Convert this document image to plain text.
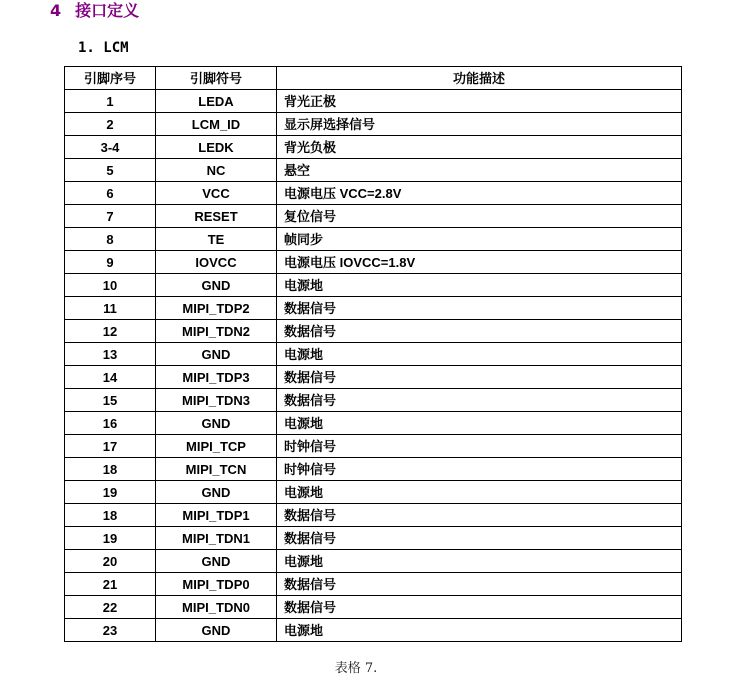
4 接口定义
1. LCM
引脚序号	引脚符号	功能描述
1	LEDA	背光正极
2	LCM_ID	显示屏选择信号
3-4	LEDK	背光负极
5	NC	悬空
6	VCC	电源电压 VCC=2.8V
7	RESET	复位信号
8	TE	帧同步
9	IOVCC	电源电压 IOVCC=1.8V
10	GND	电源地
11	MIPI_TDP2	数据信号
12	MIPI_TDN2	数据信号
13	GND	电源地
14	MIPI_TDP3	数据信号
15	MIPI_TDN3	数据信号
16	GND	电源地
17	MIPI_TCP	时钟信号
18	MIPI_TCN	时钟信号
19	GND	电源地
18	MIPI_TDP1	数据信号
19	MIPI_TDN1	数据信号
20	GND	电源地
21	MIPI_TDP0	数据信号
22	MIPI_TDN0	数据信号
23	GND	电源地
表格 7.
